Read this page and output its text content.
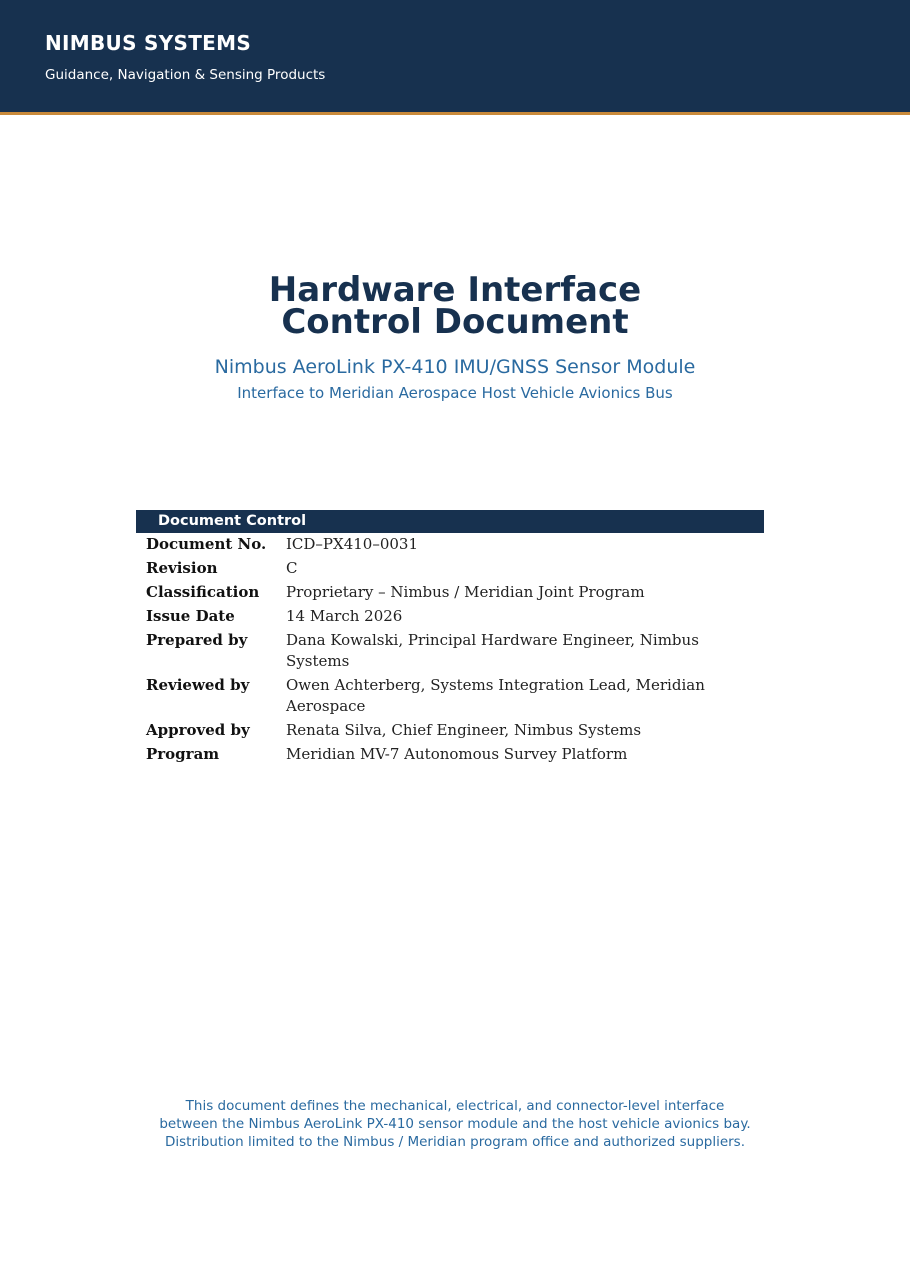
NIMBUS SYSTEMS
Guidance, Navigation & Sensing Products
Hardware Interface
Control Document
Nimbus AeroLink PX-410 IMU/GNSS Sensor Module
Interface to Meridian Aerospace Host Vehicle Avionics Bus
Document Control
Document No.	ICD–PX410–0031
Revision	C
Classification	Proprietary – Nimbus / Meridian Joint Program
Issue Date	14 March 2026
Prepared by	Dana Kowalski, Principal Hardware Engineer, Nimbus Systems
Reviewed by	Owen Achterberg, Systems Integration Lead, Meridian Aerospace
Approved by	Renata Silva, Chief Engineer, Nimbus Systems
Program	Meridian MV-7 Autonomous Survey Platform
This document defines the mechanical, electrical, and connector-level interface between the Nimbus AeroLink PX-410 sensor module and the host vehicle avionics bay. Distribution limited to the Nimbus / Meridian program office and authorized suppliers.
